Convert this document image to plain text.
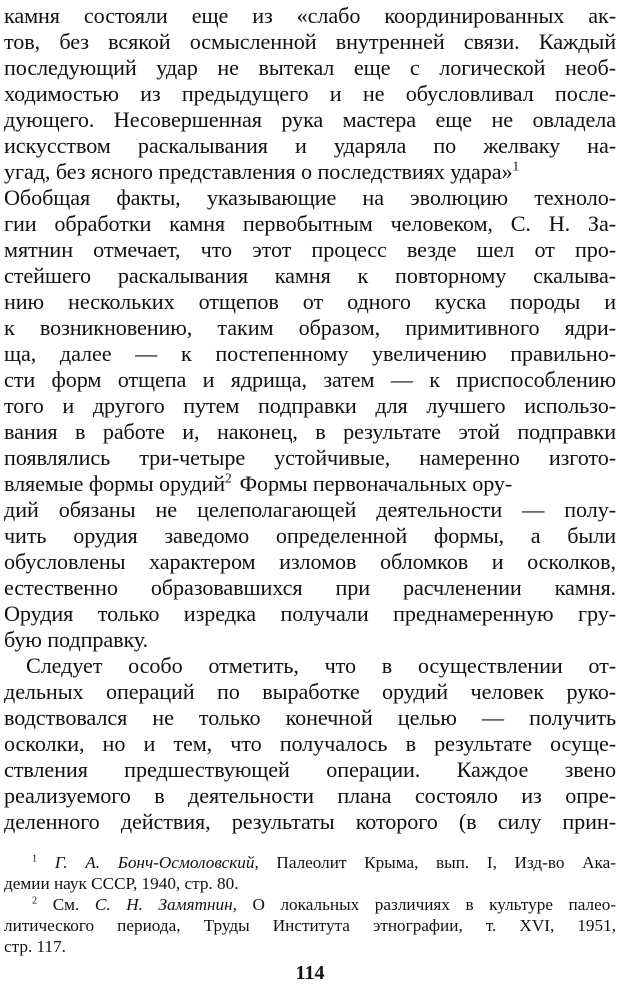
камня состояли еще из «слабо координированных ак-
тов, без всякой осмысленной внутренней связи. Каждый
последующий удар не вытекал еще с логической необ-
ходимостью из предыдущего и не обусловливал после-
дующего. Несовершенная рука мастера еще не овладела
искусством раскалывания и ударяла по желваку на-
угад, без ясного представления о последствиях удара»$^1$
Обобщая факты, указывающие на эволюцию техноло-
гии обработки камня первобытным человеком, С. Н. За-
мятнин отмечает, что этот процесс везде шел от про-
стейшего раскалывания камня к повторному скалыва-
нию нескольких отщепов от одного куска породы и
к возникновению, таким образом, примитивного ядри-
ща, далее — к постепенному увеличению правильно-
сти форм отщепа и ядрища, затем — к приспособлению
того и другого путем подправки для лучшего использо-
вания в работе и, наконец, в результате этой подправки
появлялись три-четыре устойчивые, намеренно изгото-
вляемые формы орудий$^2$ Формы первоначальных ору-
дий обязаны не целеполагающей деятельности — полу-
чить орудия заведомо определенной формы, а были
обусловлены характером изломов обломков и осколков,
естественно образовавшихся при расчленении камня.
Орудия только изредка получали преднамеренную гру-
бую подправку.
Следует особо отметить, что в осуществлении от-
дельных операций по выработке орудий человек руко-
водствовался не только конечной целью — получить
осколки, но и тем, что получалось в результате осуще-
ствления предшествующей операции. Каждое звено
реализуемого в деятельности плана состояло из опре-
деленного действия, результаты которого (в силу прин-
$^1$ Г. А. Бонч-Осмоловский, Палеолит Крыма, вып. I, Изд-во Ака-
демии наук СССР, 1940, стр. 80.
$^2$ См. С. Н. Замятнин, О локальных различиях в культуре палео-
литического периода, Труды Института этнографии, т. XVI, 1951,
стр. 117.
114
